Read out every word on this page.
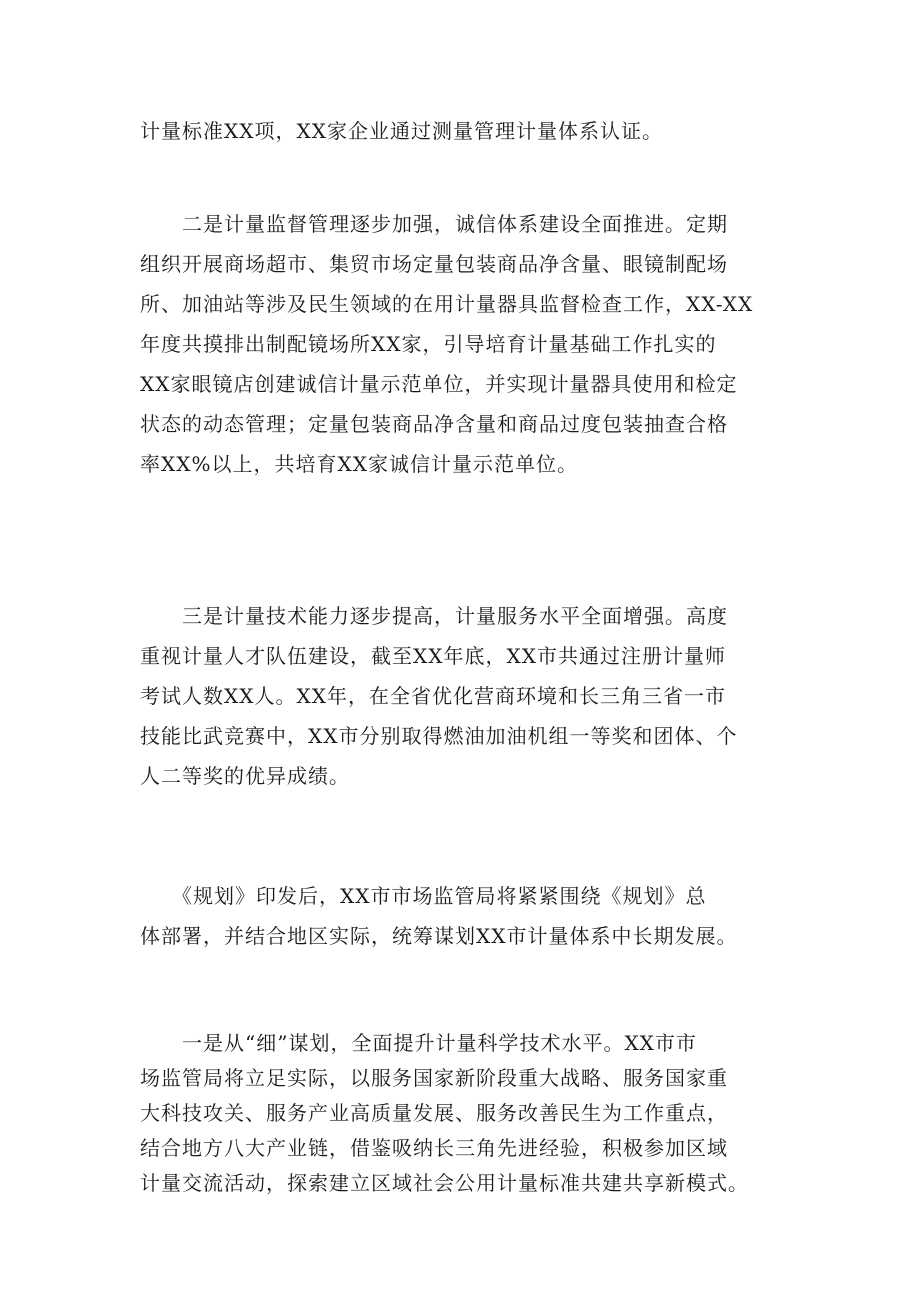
计量标准XX项，XX家企业通过测量管理计量体系认证。

　　二是计量监督管理逐步加强，诚信体系建设全面推进。定期
组织开展商场超市、集贸市场定量包装商品净含量、眼镜制配场
所、加油站等涉及民生领域的在用计量器具监督检查工作，XX-XX
年度共摸排出制配镜场所XX家，引导培育计量基础工作扎实的
XX家眼镜店创建诚信计量示范单位，并实现计量器具使用和检定
状态的动态管理；定量包装商品净含量和商品过度包装抽查合格
率XX%以上，共培育XX家诚信计量示范单位。

　　三是计量技术能力逐步提高，计量服务水平全面增强。高度
重视计量人才队伍建设，截至XX年底，XX市共通过注册计量师
考试人数XX人。XX年，在全省优化营商环境和长三角三省一市
技能比武竞赛中，XX市分别取得燃油加油机组一等奖和团体、个
人二等奖的优异成绩。

　　《规划》印发后，XX市市场监管局将紧紧围绕《规划》总
体部署，并结合地区实际，统筹谋划XX市计量体系中长期发展。

　　一是从“细”谋划，全面提升计量科学技术水平。XX市市
场监管局将立足实际，以服务国家新阶段重大战略、服务国家重
大科技攻关、服务产业高质量发展、服务改善民生为工作重点，
结合地方八大产业链，借鉴吸纳长三角先进经验，积极参加区域
计量交流活动，探索建立区域社会公用计量标准共建共享新模式。
